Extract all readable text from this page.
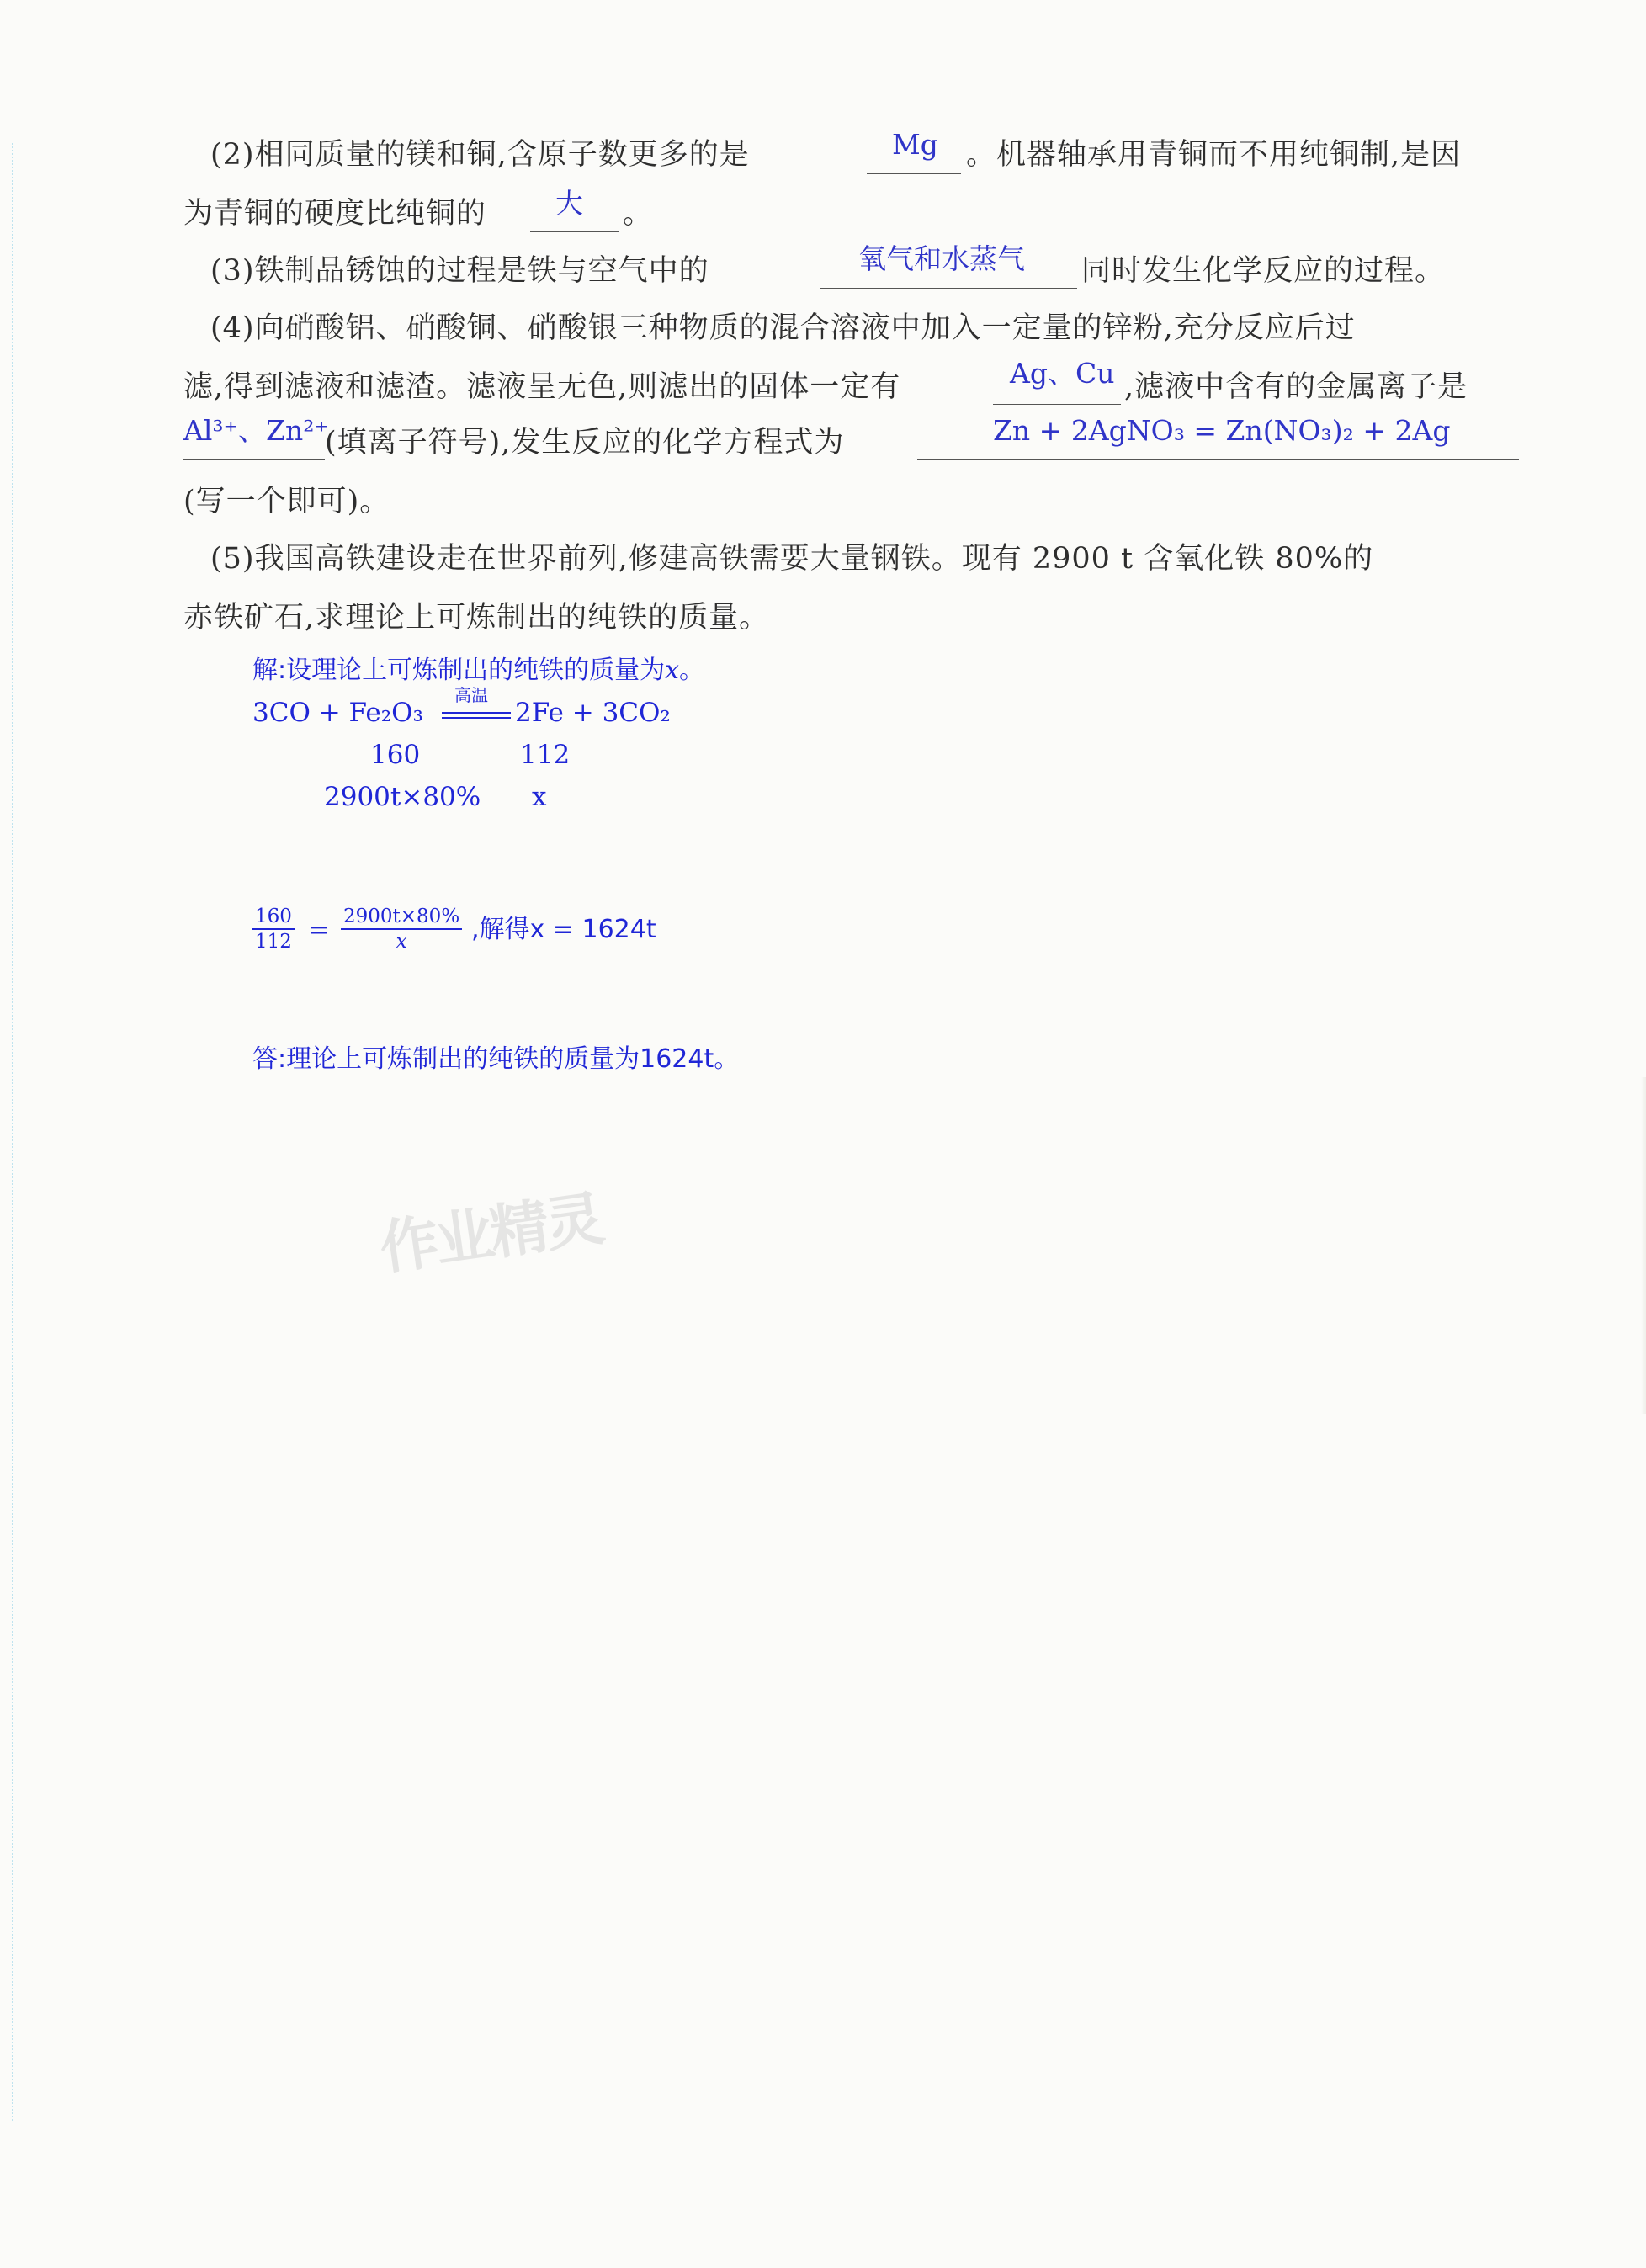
(2)相同质量的镁和铜,含原子数更多的是	Mg 。机器轴承用青铜而不用纯铜制,是因
为青铜的硬度比纯铜的 大 。
(3)铁制品锈蚀的过程是铁与空气中的	氧气和水蒸气 同时发生化学反应的过程。
(4)向硝酸铝、硝酸铜、硝酸银三种物质的混合溶液中加入一定量的锌粉,充分反应后过
滤,得到滤液和滤渣。滤液呈无色,则滤出的固体一定有	Ag、Cu ,滤液中含有的金属离子是
Al³⁺、Zn²⁺
(填离子符号),发生反应的化学方程式为	Zn + 2AgNO₃ = Zn(NO₃)₂ + 2Ag
(写一个即可)。
(5)我国高铁建设走在世界前列,修建高铁需要大量钢铁。现有 2900 t 含氧化铁 80%的
赤铁矿石,求理论上可炼制出的纯铁的质量。
解:设理论上可炼制出的纯铁的质量为x。
3CO + Fe₂O₃
高温
2Fe + 3CO₂
160	112
2900t×80% x
$\frac{160}{112} = \frac{2900t\times 80\%}{x}$ ,解得x = 1624t
答:理论上可炼制出的纯铁的质量为1624t。
作业精灵
